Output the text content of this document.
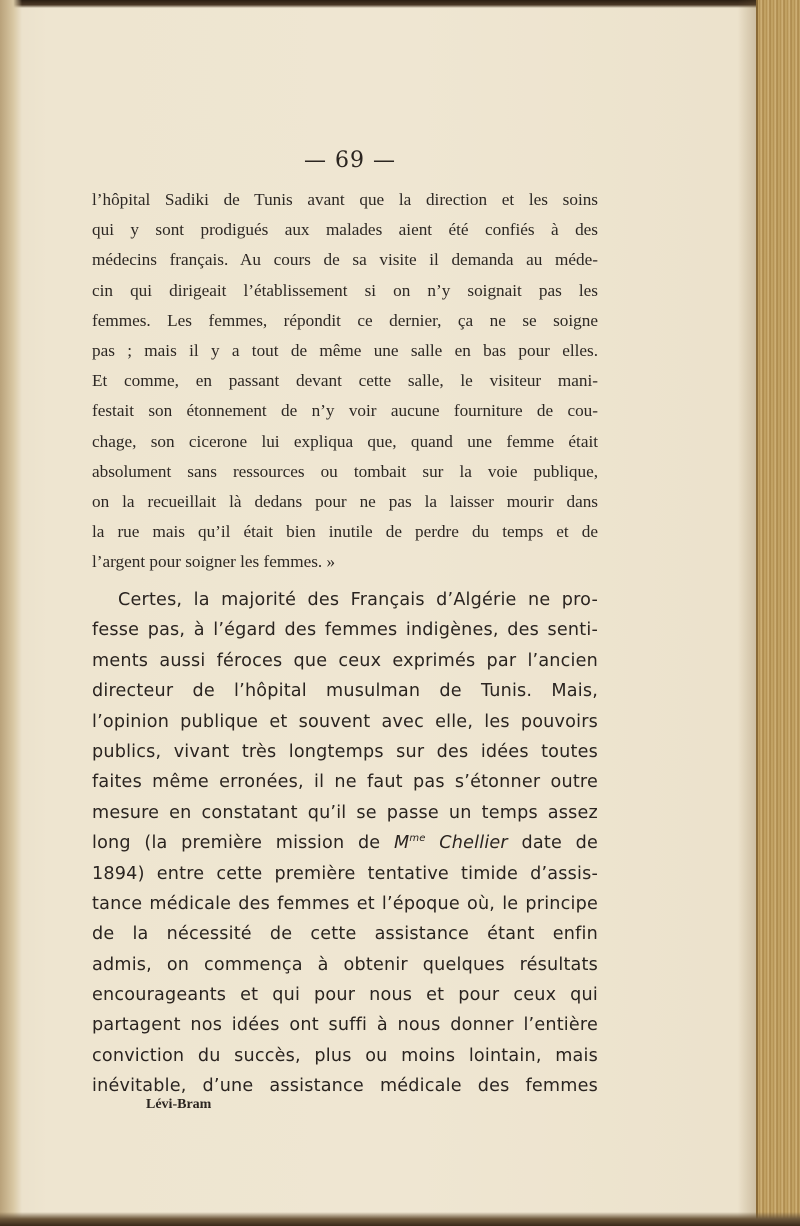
— 69 —
l’hôpital Sadiki de Tunis avant que la direction et les soins
qui y sont prodigués aux malades aient été confiés à des
médecins français. Au cours de sa visite il demanda au méde-
cin qui dirigeait l’établissement si on n’y soignait pas les
femmes. Les femmes, répondit ce dernier, ça ne se soigne
pas ; mais il y a tout de même une salle en bas pour elles.
Et comme, en passant devant cette salle, le visiteur mani-
festait son étonnement de n’y voir aucune fourniture de cou-
chage, son cicerone lui expliqua que, quand une femme était
absolument sans ressources ou tombait sur la voie publique,
on la recueillait là dedans pour ne pas la laisser mourir dans
la rue mais qu’il était bien inutile de perdre du temps et de
l’argent pour soigner les femmes. »
Certes, la majorité des Français d’Algérie ne pro-
fesse pas, à l’égard des femmes indigènes, des senti-
ments aussi féroces que ceux exprimés par l’ancien
directeur de l’hôpital musulman de Tunis. Mais,
l’opinion publique et souvent avec elle, les pouvoirs
publics, vivant très longtemps sur des idées toutes
faites même erronées, il ne faut pas s’étonner outre
mesure en constatant qu’il se passe un temps assez
long (la première mission de $M^{me}$ Chellier date de
1894) entre cette première tentative timide d’assis-
tance médicale des femmes et l’époque où, le principe
de la nécessité de cette assistance étant enfin
admis, on commença à obtenir quelques résultats
encourageants et qui pour nous et pour ceux qui
partagent nos idées ont suffi à nous donner l’entière
conviction du succès, plus ou moins lointain, mais
inévitable, d’une assistance médicale des femmes
Lévi-Bram
